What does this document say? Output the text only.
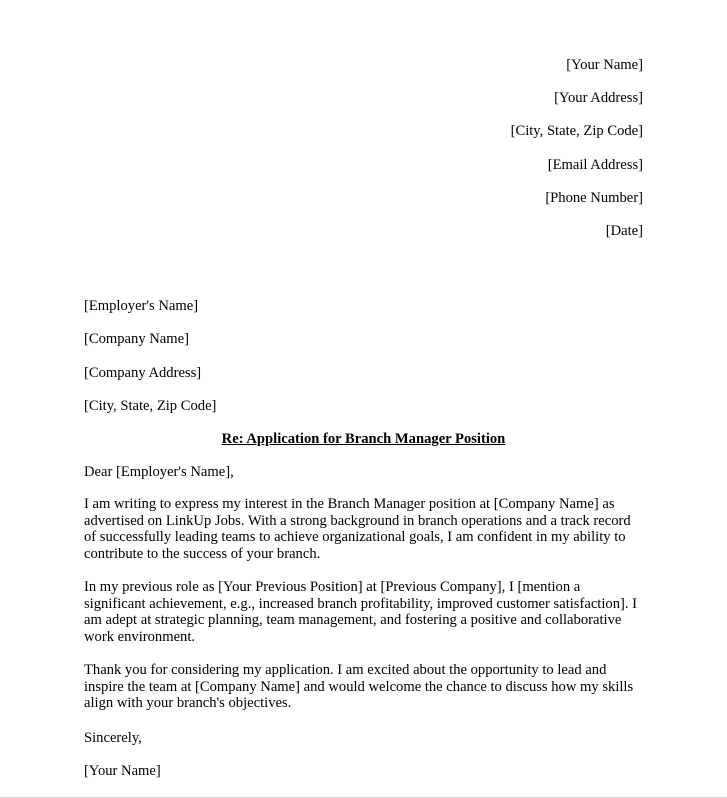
[Your Name]
[Your Address]
[City, State, Zip Code]
[Email Address]
[Phone Number]
[Date]
[Employer's Name]
[Company Name]
[Company Address]
[City, State, Zip Code]
Re: Application for Branch Manager Position
Dear [Employer's Name],

I am writing to express my interest in the Branch Manager position at [Company Name] as advertised on LinkUp Jobs. With a strong background in branch operations and a track record of successfully leading teams to achieve organizational goals, I am confident in my ability to contribute to the success of your branch.

In my previous role as [Your Previous Position] at [Previous Company], I [mention a significant achievement, e.g., increased branch profitability, improved customer satisfaction]. I am adept at strategic planning, team management, and fostering a positive and collaborative work environment.

Thank you for considering my application. I am excited about the opportunity to lead and inspire the team at [Company Name] and would welcome the chance to discuss how my skills align with your branch's objectives.

Sincerely,
[Your Name]
